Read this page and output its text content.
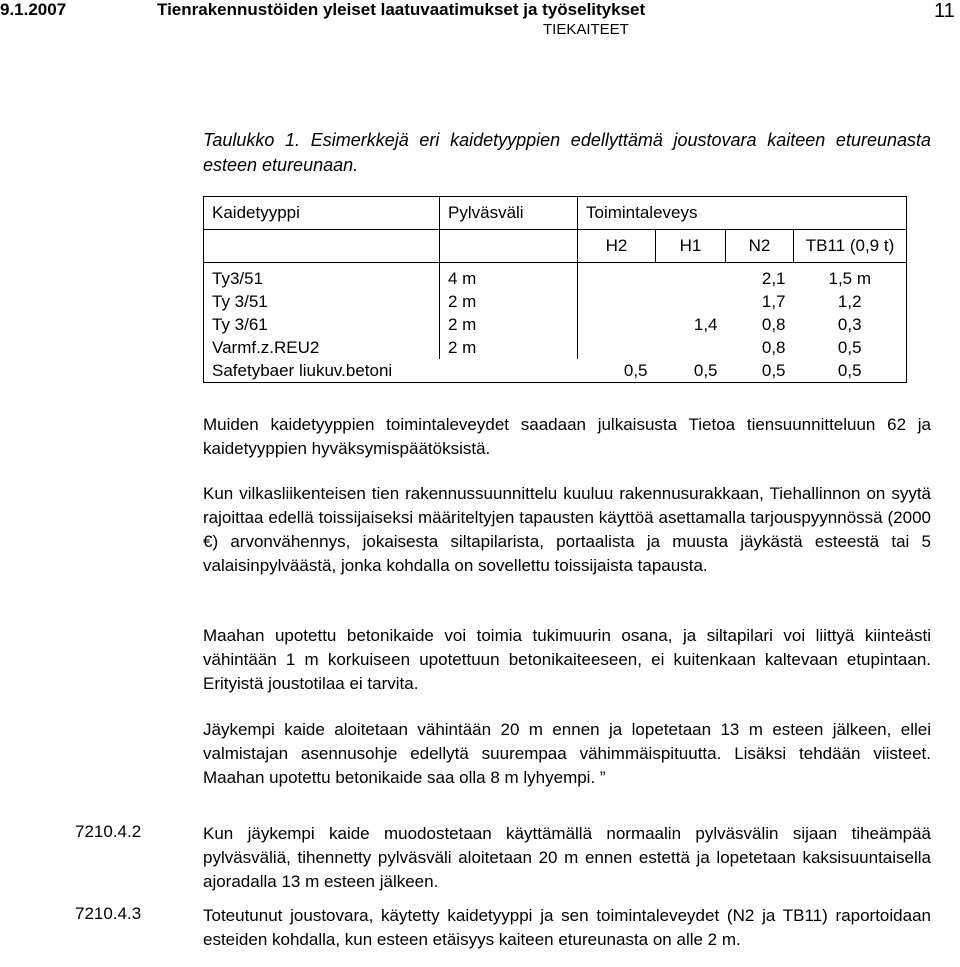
9.1.2007	Tienrakennustöiden yleiset laatuvaatimukset ja työselitykset
TIEKAITEET
11
Taulukko 1. Esimerkkejä eri kaidetyyppien edellyttämä joustovara kaiteen etureunasta esteen etureunaan.
Kaidetyyppi	Pylväsväli	Toimintaleveys			
		H2	H1	N2	TB11 (0,9 t)
Ty3/51	4 m			2,1	1,5 m
Ty 3/51	2 m			1,7	1,2
Ty 3/61	2 m		1,4	0,8	0,3
Varmf.z.REU2	2 m			0,8	0,5
Safetybaer liukuv.betoni		0,5	0,5	0,5	0,5
Muiden kaidetyyppien toimintaleveydet saadaan julkaisusta Tietoa tiensuunnitteluun 62 ja kaidetyyppien hyväksymispäätöksistä.
Kun vilkasliikenteisen tien rakennussuunnittelu kuuluu rakennusurakkaan, Tiehallinnon on syytä rajoittaa edellä toissijaiseksi määriteltyjen tapausten käyttöä asettamalla tarjouspyynnössä (2000 €) arvonvähennys, jokaisesta siltapilarista, portaalista ja muusta jäykästä esteestä tai 5 valaisinpylväästä, jonka kohdalla on sovellettu toissijaista tapausta.
Maahan upotettu betonikaide voi toimia tukimuurin osana, ja siltapilari voi liittyä kiinteästi vähintään 1 m korkuiseen upotettuun betonikaiteeseen, ei kuitenkaan kaltevaan etupintaan. Erityistä joustotilaa ei tarvita.
Jäykempi kaide aloitetaan vähintään 20 m ennen ja lopetetaan 13 m esteen jälkeen, ellei valmistajan asennusohje edellytä suurempaa vähimmäispituutta. Lisäksi tehdään viisteet. Maahan upotettu betonikaide saa olla 8 m lyhyempi. ”
7210.4.2	Kun jäykempi kaide muodostetaan käyttämällä normaalin pylväsvälin sijaan tiheämpää pylväsväliä, tihennetty pylväsväli aloitetaan 20 m ennen estettä ja lopetetaan kaksisuuntaisella ajoradalla 13 m esteen jälkeen.
7210.4.3	Toteutunut joustovara, käytetty kaidetyyppi ja sen toimintaleveydet (N2 ja TB11) raportoidaan esteiden kohdalla, kun esteen etäisyys kaiteen etureunasta on alle 2 m.
